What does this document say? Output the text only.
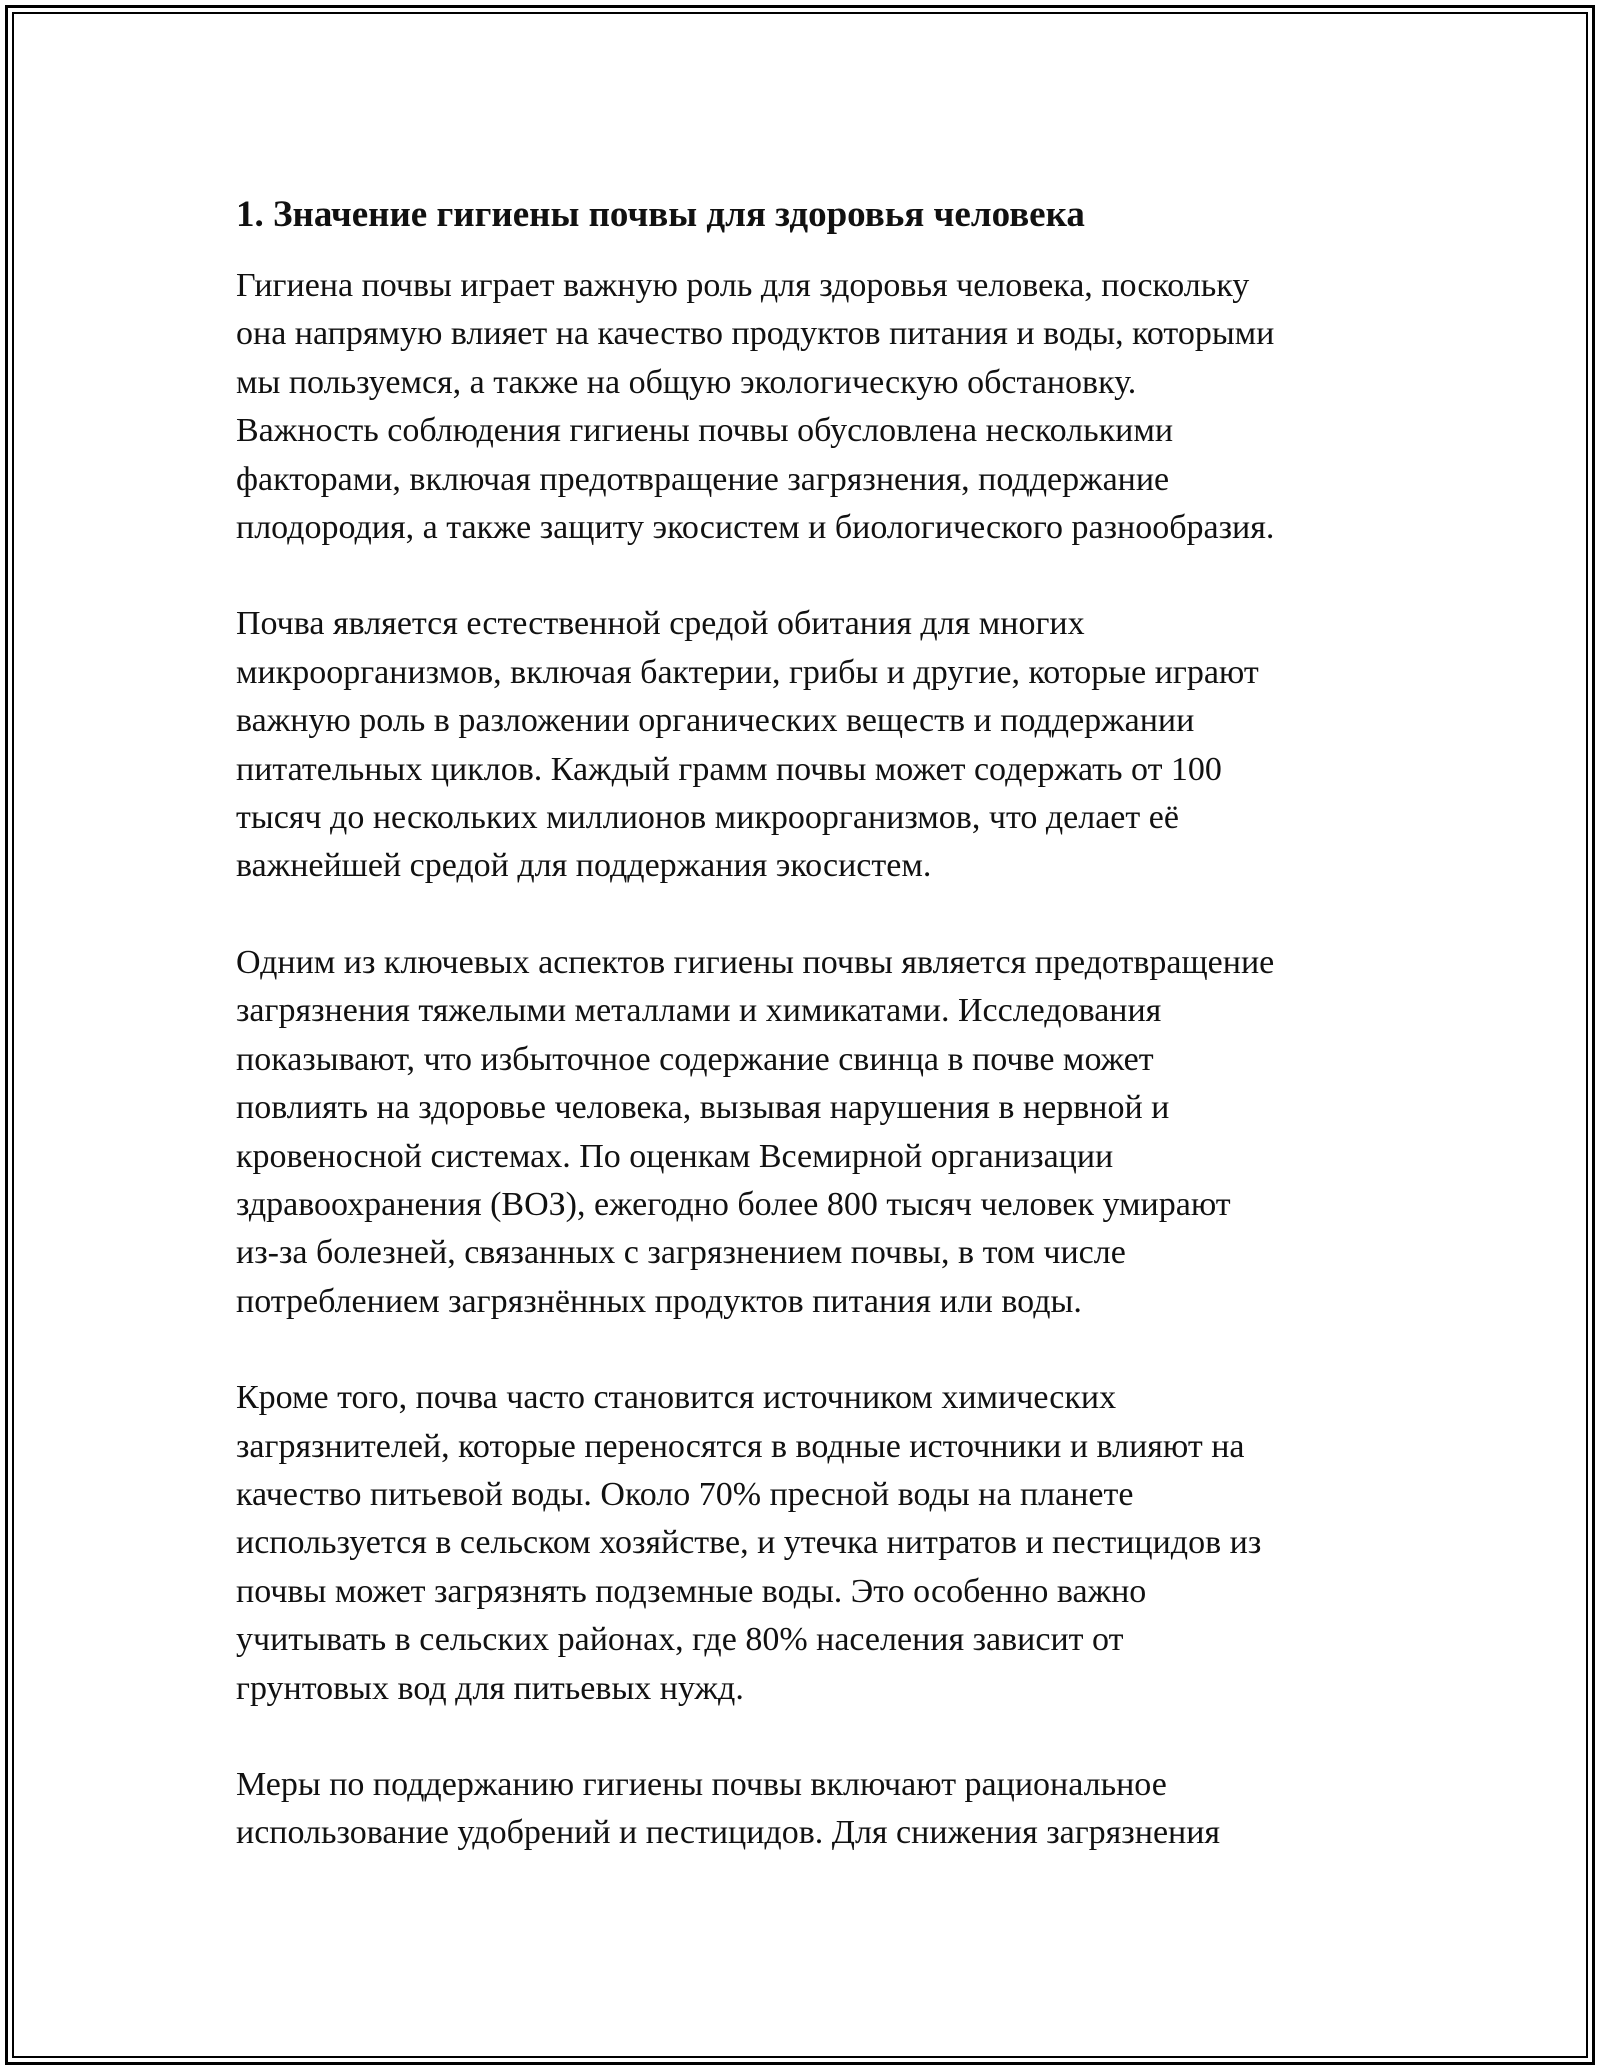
1. Значение гигиены почвы для здоровья человека

Гигиена почвы играет важную роль для здоровья человека, поскольку
она напрямую влияет на качество продуктов питания и воды, которыми
мы пользуемся, а также на общую экологическую обстановку.
Важность соблюдения гигиены почвы обусловлена несколькими
факторами, включая предотвращение загрязнения, поддержание
плодородия, а также защиту экосистем и биологического разнообразия.

Почва является естественной средой обитания для многих
микроорганизмов, включая бактерии, грибы и другие, которые играют
важную роль в разложении органических веществ и поддержании
питательных циклов. Каждый грамм почвы может содержать от 100
тысяч до нескольких миллионов микроорганизмов, что делает её
важнейшей средой для поддержания экосистем.

Одним из ключевых аспектов гигиены почвы является предотвращение
загрязнения тяжелыми металлами и химикатами. Исследования
показывают, что избыточное содержание свинца в почве может
повлиять на здоровье человека, вызывая нарушения в нервной и
кровеносной системах. По оценкам Всемирной организации
здравоохранения (ВОЗ), ежегодно более 800 тысяч человек умирают
из-за болезней, связанных с загрязнением почвы, в том числе
потреблением загрязнённых продуктов питания или воды.

Кроме того, почва часто становится источником химических
загрязнителей, которые переносятся в водные источники и влияют на
качество питьевой воды. Около 70% пресной воды на планете
используется в сельском хозяйстве, и утечка нитратов и пестицидов из
почвы может загрязнять подземные воды. Это особенно важно
учитывать в сельских районах, где 80% населения зависит от
грунтовых вод для питьевых нужд.

Меры по поддержанию гигиены почвы включают рациональное
использование удобрений и пестицидов. Для снижения загрязнения
